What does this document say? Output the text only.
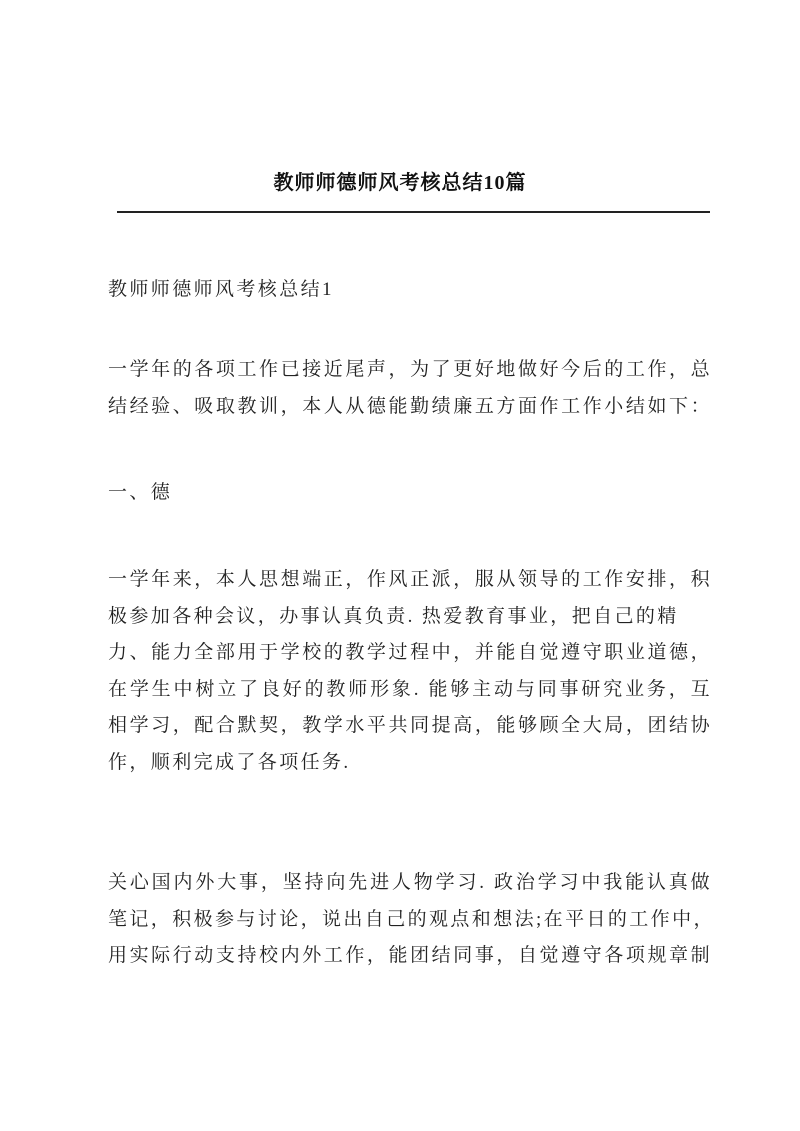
教师师德师风考核总结10篇
教师师德师风考核总结1
一学年的各项工作已接近尾声，为了更好地做好今后的工作，总
结经验、吸取教训，本人从德能勤绩廉五方面作工作小结如下：
一、德
一学年来，本人思想端正，作风正派，服从领导的工作安排，积
极参加各种会议，办事认真负责. 热爱教育事业，把自己的精
力、能力全部用于学校的教学过程中，并能自觉遵守职业道德，
在学生中树立了良好的教师形象. 能够主动与同事研究业务，互
相学习，配合默契，教学水平共同提高，能够顾全大局，团结协
作，顺利完成了各项任务.
关心国内外大事，坚持向先进人物学习. 政治学习中我能认真做
笔记，积极参与讨论，说出自己的观点和想法;在平日的工作中，
用实际行动支持校内外工作，能团结同事，自觉遵守各项规章制
